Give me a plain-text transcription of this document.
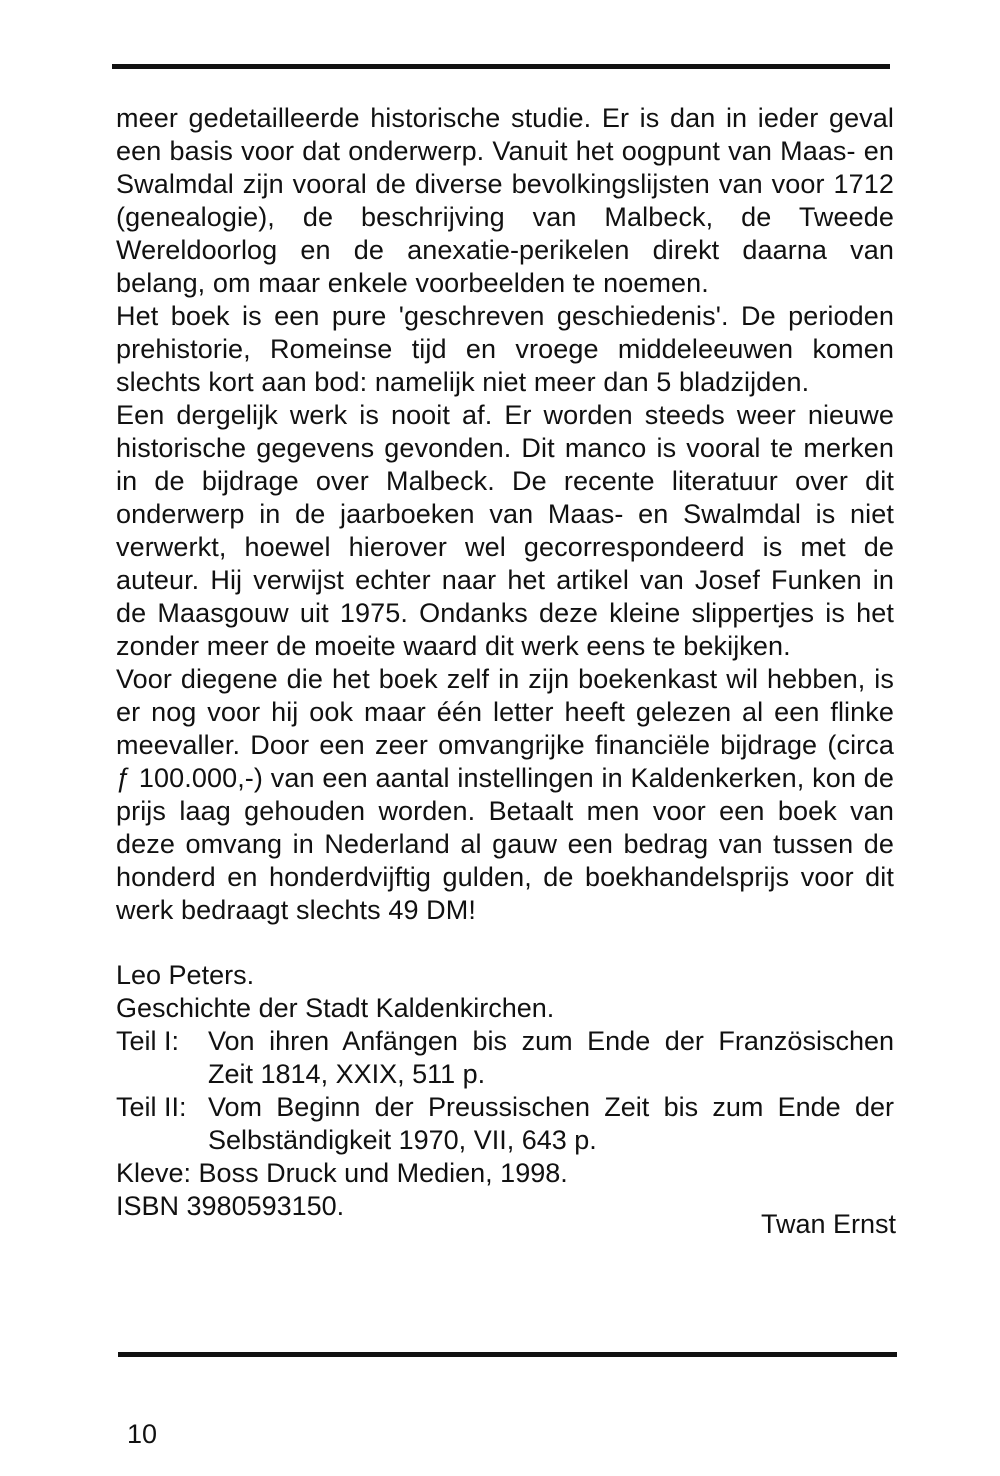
meer gedetailleerde historische studie. Er is dan in ieder geval een basis voor dat onderwerp. Vanuit het oogpunt van Maas- en Swalmdal zijn vooral de diverse bevolkingslijsten van voor 1712 (genealogie), de beschrijving van Malbeck, de Tweede Wereldoorlog en de anexatie-perikelen direkt daarna van belang, om maar enkele voorbeelden te noemen.

Het boek is een pure 'geschreven geschiedenis'. De perioden prehistorie, Romeinse tijd en vroege middeleeuwen komen slechts kort aan bod: namelijk niet meer dan 5 bladzijden.

Een dergelijk werk is nooit af. Er worden steeds weer nieuwe historische gegevens gevonden. Dit manco is vooral te merken in de bijdrage over Malbeck. De recente literatuur over dit onderwerp in de jaarboeken van Maas- en Swalmdal is niet verwerkt, hoewel hierover wel gecorrespondeerd is met de auteur. Hij verwijst echter naar het artikel van Josef Funken in de Maasgouw uit 1975. Ondanks deze kleine slippertjes is het zonder meer de moeite waard dit werk eens te bekijken.

Voor diegene die het boek zelf in zijn boekenkast wil hebben, is er nog voor hij ook maar één letter heeft gelezen al een flinke meevaller. Door een zeer omvangrijke financiële bijdrage (circa ƒ 100.000,-) van een aantal instellingen in Kaldenkerken, kon de prijs laag gehouden worden. Betaalt men voor een boek van deze omvang in Nederland al gauw een bedrag van tussen de honderd en honderdvijftig gulden, de boekhandelsprijs voor dit werk bedraagt slechts 49 DM!

Leo Peters.

Geschichte der Stadt Kaldenkirchen.

Teil I:	Von ihren Anfängen bis zum Ende der Französischen Zeit 1814, XXIX, 511 p.
Teil II: Vom Beginn der Preussischen Zeit bis zum Ende der Selbständigkeit 1970, VII, 643 p.

Kleve: Boss Druck und Medien, 1998.

ISBN 3980593150.

Twan Ernst
10
